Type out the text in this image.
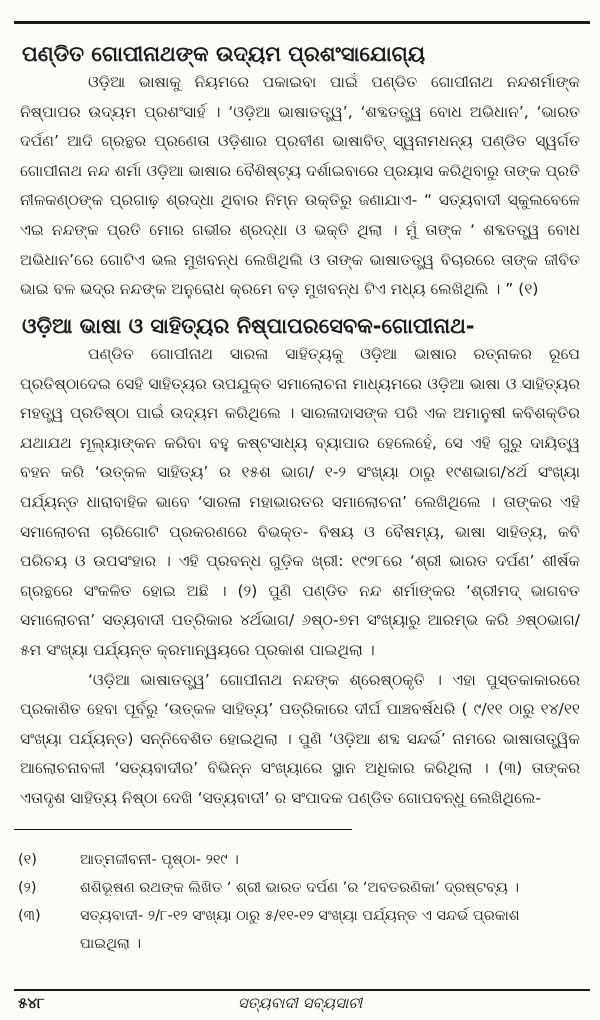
ପଣ୍ଡିତ ଗୋପୀନାଥଙ୍କ ଉଦ୍ୟମ ପ୍ରଶଂସାଯୋଗ୍ୟ

ଓଡ଼ିଆ ଭାଷାକୁ ନିୟମରେ ପକାଇବା ପାଇଁ ପଣ୍ଡିତ ଗୋପୀନାଥ ନନ୍ଦଶର୍ମାଙ୍କ ନିଷ୍ପାପର ଉଦ୍ୟମ ପ୍ରଶଂସାର୍ହ । ‘ଓଡ଼ିଆ ଭାଷାତତ୍ତ୍ୱ’, ‘ଶବ୍ଦତତ୍ତ୍ୱ ବୋଧ ଅଭିଧାନ’, ‘ଭାରତ ଦର୍ପଣ’ ଆଦି ଗ୍ରନ୍ଥର ପ୍ରଣେତା ଓଡ଼ିଶାର ପ୍ରବୀଣ ଭାଷାବିତ୍ ସ୍ୱନାମଧନ୍ୟ ପଣ୍ଡିତ ସ୍ୱର୍ଗତ ଗୋପୀନାଥ ନନ୍ଦ ଶର୍ମା ଓଡ଼ିଆ ଭାଷାର ବୈଶିଷ୍ଟ୍ୟ ଦର୍ଶାଇବାରେ ପ୍ରୟାସ କରିଥିବାରୁ ତାଙ୍କ ପ୍ରତି ନୀଳକଣ୍ଠଙ୍କ ପ୍ରଗାଢ଼ ଶ୍ରଦ୍ଧା ଥିବାର ନିମ୍ନ ଉକ୍ତିରୁ ଜଣାଯାଏ- “ ସତ୍ୟବାଦୀ ସ୍କୁଲବେଳେ ଏଇ ନନ୍ଦଙ୍କ ପ୍ରତି ମୋର ଗଭୀର ଶ୍ରଦ୍ଧା ଓ ଭକ୍ତି ଥିଲା । ମୁଁ ତାଙ୍କ ‘ ଶବ୍ଦତତ୍ତ୍ୱ ବୋଧ ଅଭିଧାନ’ରେ ଗୋଟିଏ ଭଲ ମୁଖବନ୍ଧ ଲେଖିଥିଲି ଓ ତାଙ୍କ ଭାଷାତତ୍ତ୍ୱ ବିଚାରରେ ତାଙ୍କ ଜୀବିତ ଭାଇ ବଳ ଭଦ୍ର ନନ୍ଦଙ୍କ ଅନୁରୋଧ କ୍ରମେ ବଡ଼ ମୁଖବନ୍ଧ ଟିଏ ମଧ୍ୟ ଲେଖିଥିଲି । ” (୧)

ଓଡ଼ିଆ ଭାଷା ଓ ସାହିତ୍ୟର ନିଷ୍ପାପରସେବକ-ଗୋପୀନାଥ-

ପଣ୍ଡିତ ଗୋପୀନାଥ ସାରଳା ସାହିତ୍ୟକୁ ଓଡ଼ିଆ ଭାଷାର ରତ୍ନାକର ରୂପେ ପ୍ରତିଷ୍ଠାଦେଇ ସେହି ସାହିତ୍ୟର ଉପଯୁକ୍ତ ସମାଲୋଚନା ମାଧ୍ୟମରେ ଓଡ଼ିଆ ଭାଷା ଓ ସାହିତ୍ୟର ମହତ୍ତ୍ୱ ପ୍ରତିଷ୍ଠା ପାଇଁ ଉଦ୍ୟମ କରିଥିଲେ । ସାରଳାଦାସଙ୍କ ପରି ଏକ ଅମାନୁଷୀ କବିଶକ୍ତିର ଯଥାଯଥ ମୂଲ୍ୟାଙ୍କନ କରିବା ବହୁ କଷ୍ଟସାଧ୍ୟ ବ୍ୟାପାର ହେଲେହେଁ, ସେ ଏହି ଗୁରୁ ଦାୟିତ୍ୱ ବହନ କରି ‘ଉତ୍କଳ ସାହିତ୍ୟ’ ର ୧୫ଶ ଭାଗ/ ୧-୨ ସଂଖ୍ୟା ଠାରୁ ୧୯ଶଭାଗ/୪ର୍ଥ ସଂଖ୍ୟା ପର୍ଯ୍ୟନ୍ତ ଧାରାବାହିକ ଭାବେ ‘ସାରଳା ମହାଭାରତର ସମାଲୋଚନା’ ଲେଖିଥିଲେ । ତାଙ୍କର ଏହି ସମାଲୋଚନା ଚାରିଗୋଟି ପ୍ରକରଣରେ ବିଭକ୍ତ- ବିଷୟ ଓ ବୈଷମ୍ୟ, ଭାଷା ସାହିତ୍ୟ, କବି ପରିଚୟ ଓ ଉପସଂହାର । ଏହି ପ୍ରବନ୍ଧ ଗୁଡ଼ିକ ଖ୍ରୀ: ୧୯୨୮ରେ ‘ଶ୍ରୀ ଭାରତ ଦର୍ପଣ’ ଶୀର୍ଷକ ଗ୍ରନ୍ଥରେ ସଂକଳିତ ହୋଇ ଅଛି । (୨) ପୁଣି ପଣ୍ଡିତ ନନ୍ଦ ଶର୍ମାଙ୍କର ‘ଶ୍ରୀମଦ୍ ଭାଗବତ ସମାଲୋଚନା’ ସତ୍ୟବାଦୀ ପତ୍ରିକାର ୪ର୍ଥଭାଗ/ ୬ଷ୍ଠ-୭ମ ସଂଖ୍ୟାରୁ ଆରମ୍ଭ କରି ୬ଷ୍ଠଭାଗ/୫ମ ସଂଖ୍ୟା ପର୍ଯ୍ୟନ୍ତ କ୍ରମାନ୍ୱୟରେ ପ୍ରକାଶ ପାଇଥିଲା ।

‘ଓଡ଼ିଆ ଭାଷାତତ୍ତ୍ୱ’ ଗୋପୀନାଥ ନନ୍ଦଙ୍କ ଶ୍ରେଷ୍ଠକୃତି । ଏହା ପୁସ୍ତକାକାରରେ ପ୍ରକାଶିତ ହେବା ପୂର୍ବରୁ ‘ଉତ୍କଳ ସାହିତ୍ୟ’ ପତ୍ରିକାରେ ଦୀର୍ଘ ପାଞ୍ଚବର୍ଷଧରି ( ୯/୧୧ ଠାରୁ ୧୪/୧୧ ସଂଖ୍ୟା ପର୍ଯ୍ୟନ୍ତ) ସନ୍ନିବେଶିତ ହୋଇଥିଲା । ପୁଣି ‘ଓଡ଼ିଆ ଶବ୍ଦ ସନ୍ଦର୍ଭ’ ନାମରେ ଭାଷାତାତ୍ତ୍ୱିକ ଆଲୋଚନାବଳୀ ‘ସତ୍ୟବାଦୀର’ ବିଭିନ୍ନ ସଂଖ୍ୟାରେ ସ୍ଥାନ ଅଧିକାର କରିଥିଲା । (୩) ତାଙ୍କର ଏତାଦୃଶ ସାହିତ୍ୟ ନିଷ୍ଠା ଦେଖି ‘ସତ୍ୟବାଦୀ’ ର ସଂପାଦକ ପଣ୍ଡିତ ଗୋପବନ୍ଧୁ ଲେଖିଥିଲେ-

(୧)	ଆତ୍ମଜୀବନୀ- ପୃଷ୍ଠା- ୨୧୯ ।
(୨)	ଶଶିଭୂଷଣ ରଥଙ୍କ ଲିଖିତ ‘ ଶ୍ରୀ ଭାରତ ଦର୍ପଣ ’ର ‘ଅବତରଣିକା’ ଦ୍ରଷ୍ଟବ୍ୟ ।
(୩)	ସତ୍ୟବାଦୀ- ୨/୮-୧୨ ସଂଖ୍ୟା ଠାରୁ ୫/୧୧-୧୨ ସଂଖ୍ୟା ପର୍ଯ୍ୟନ୍ତ ଏ ସନ୍ଦର୍ଭ ପ୍ରକାଶ
ପାଇଥିଲା ।
ସତ୍ୟବାଦୀ ସବ୍ୟସାଚୀ
୫୪୮
